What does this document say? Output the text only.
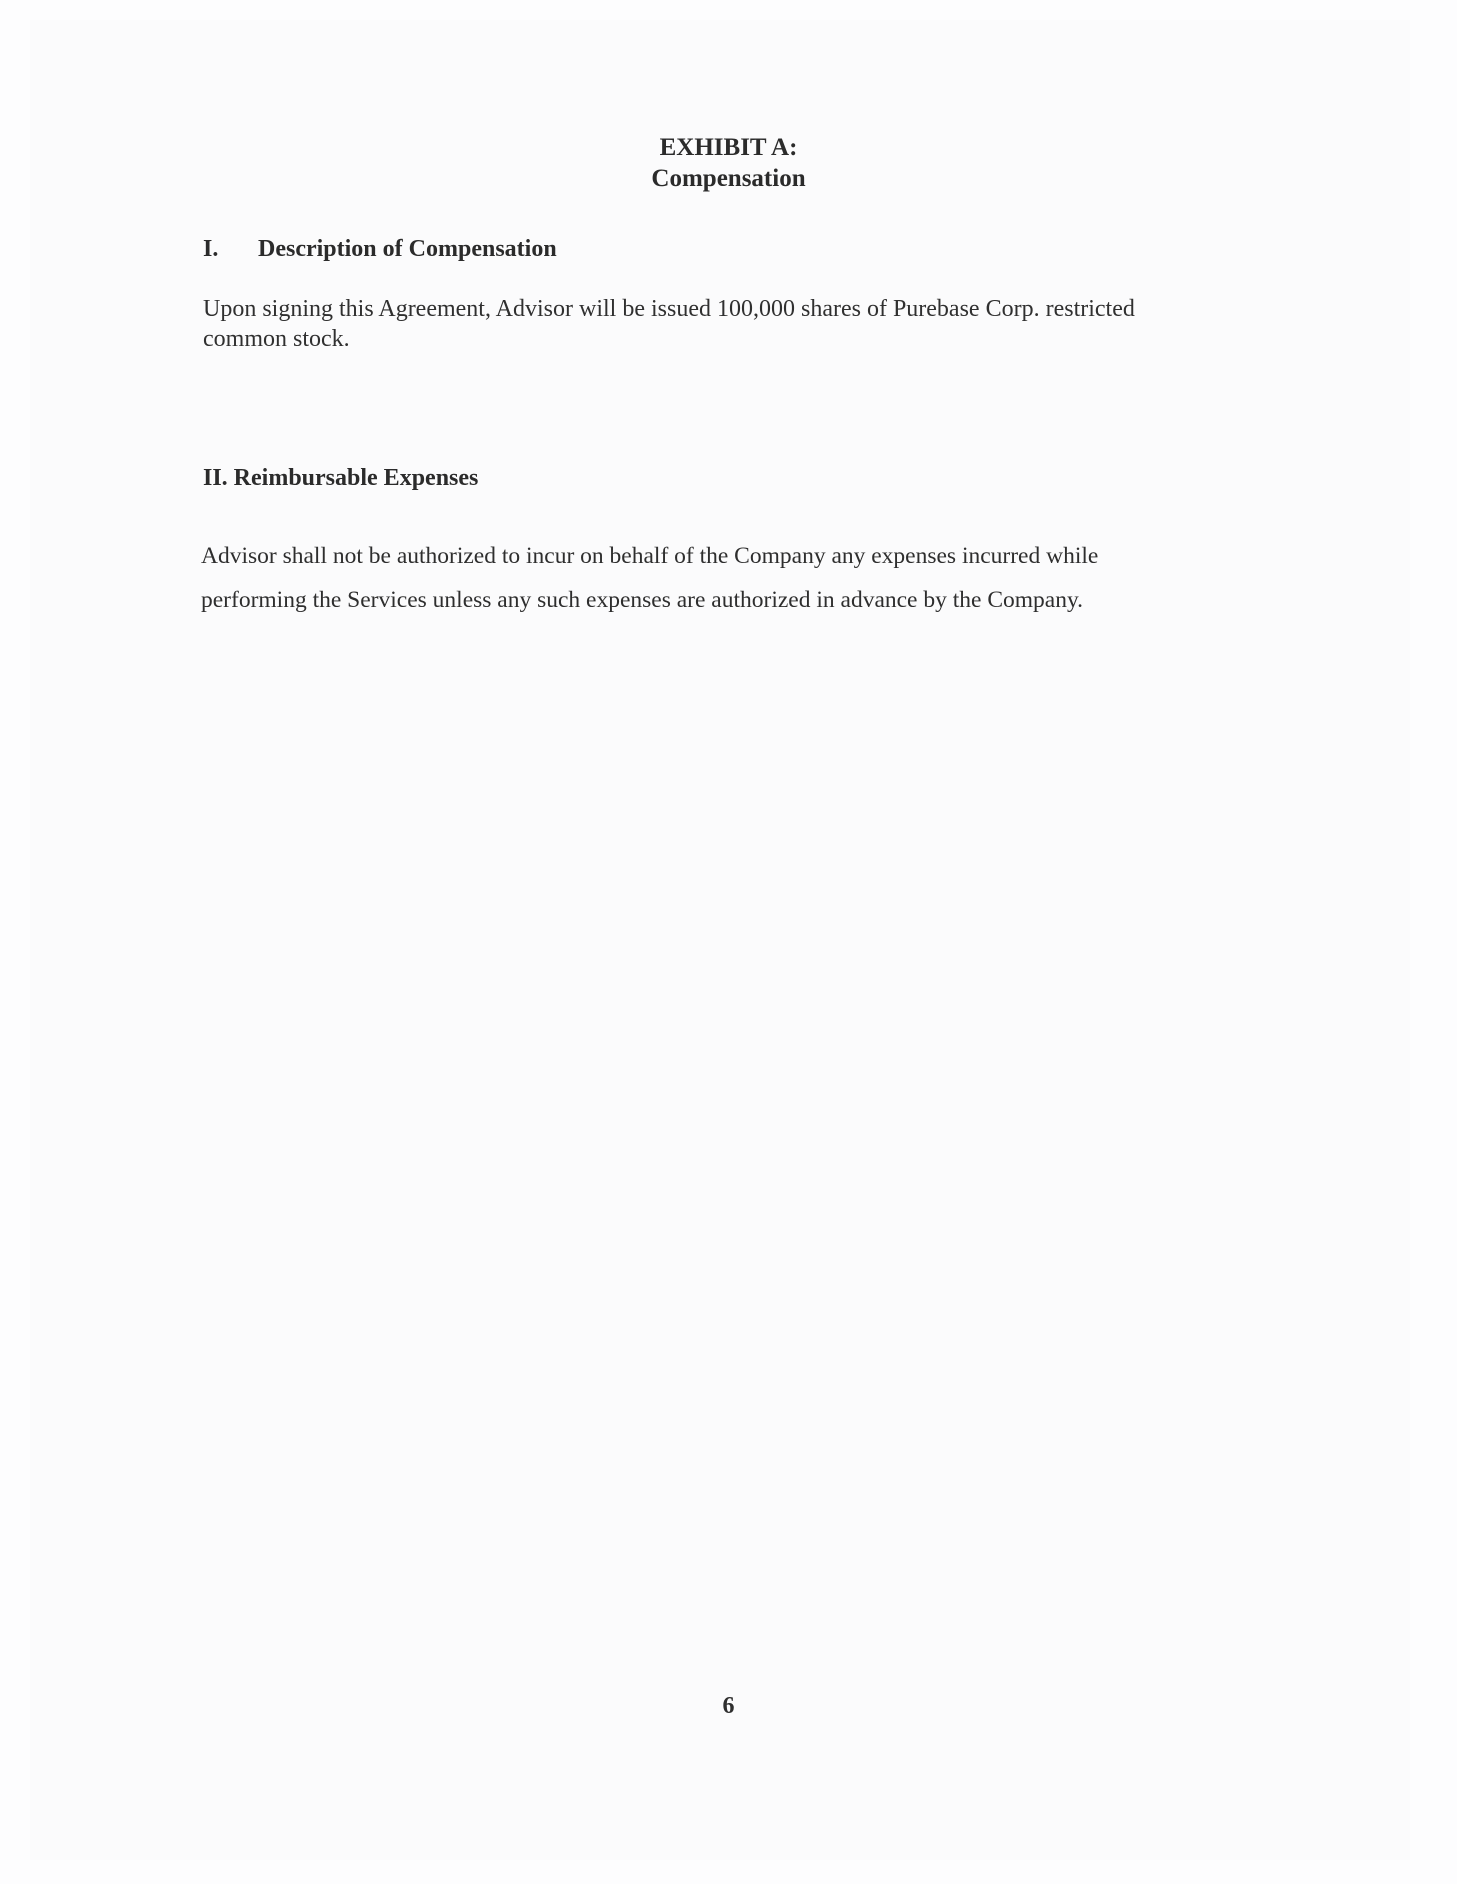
EXHIBIT A:
Compensation
I. Description of Compensation
Upon signing this Agreement, Advisor will be issued 100,000 shares of Purebase Corp. restricted common stock.
II. Reimbursable Expenses
Advisor shall not be authorized to incur on behalf of the Company any expenses incurred while performing the Services unless any such expenses are authorized in advance by the Company.
6
